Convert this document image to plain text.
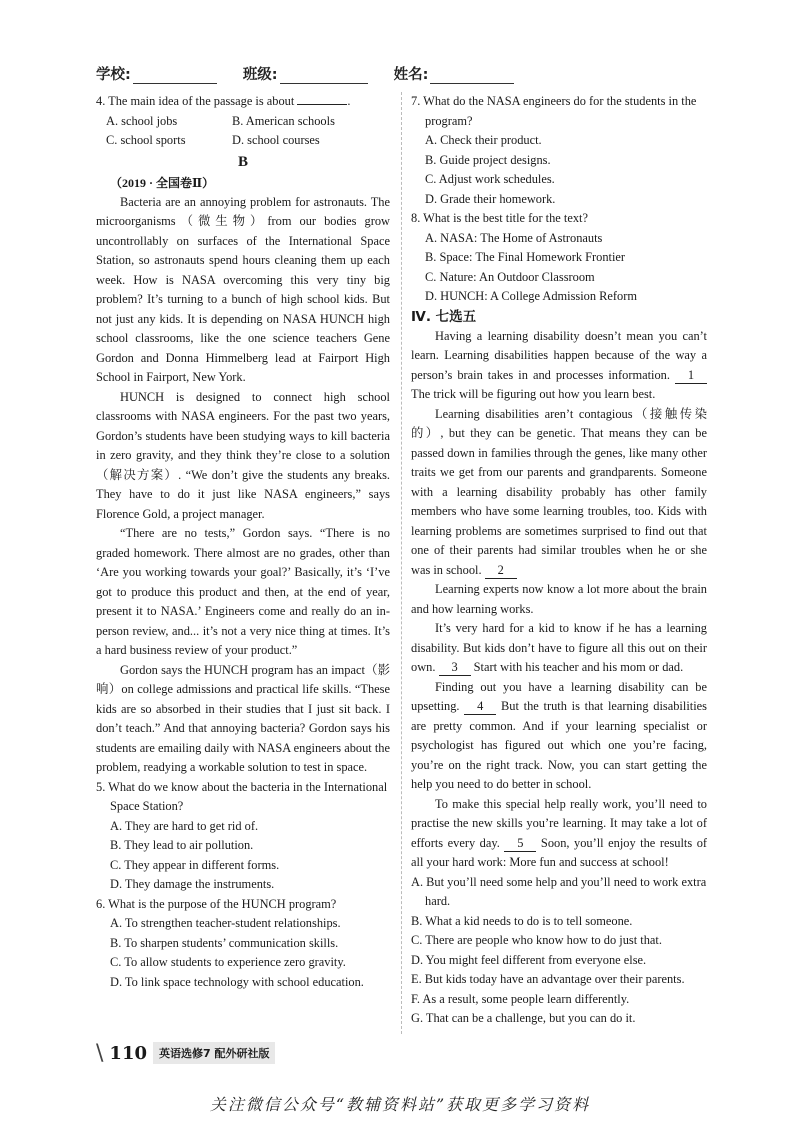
学校:	班级:	姓名:
4. The main idea of the passage is about	.
A. school jobs	B. American schools
C. school sports	D. school courses
B
（2019 · 全国卷Ⅱ）

Bacteria are an annoying problem for astronauts. The microorganisms（微生物）from our bodies grow uncontrollably on surfaces of the International Space Station, so astronauts spend hours cleaning them up each week. How is NASA overcoming this very tiny big problem? It’s turning to a bunch of high school kids. But not just any kids. It is depending on NASA HUNCH high school classrooms, like the one science teachers Gene Gordon and Donna Himmelberg lead at Fairport High School in Fairport, New York.

HUNCH is designed to connect high school classrooms with NASA engineers. For the past two years, Gordon’s students have been studying ways to kill bacteria in zero gravity, and they think they’re close to a solution（解决方案）. “We don’t give the students any breaks. They have to do it just like NASA engineers,” says Florence Gold, a project manager.

“There are no tests,” Gordon says. “There is no graded homework. There almost are no grades, other than ‘Are you working towards your goal?’ Basically, it’s ‘I’ve got to produce this product and then, at the end of year, present it to NASA.’ Engineers come and really do an in-person review, and... it’s not a very nice thing at times. It’s a hard business review of your product.”

Gordon says the HUNCH program has an impact（影响）on college admissions and practical life skills. “These kids are so absorbed in their studies that I just sit back. I don’t teach.” And that annoying bacteria? Gordon says his students are emailing daily with NASA engineers about the problem, readying a workable solution to test in space.

5. What do we know about the bacteria in the International Space Station?
A. They are hard to get rid of.
B. They lead to air pollution.
C. They appear in different forms.
D. They damage the instruments.
6. What is the purpose of the HUNCH program?
A. To strengthen teacher-student relationships.
B. To sharpen students’ communication skills.
C. To allow students to experience zero gravity.
D. To link space technology with school education.
7. What do the NASA engineers do for the students in the program?
A. Check their product.
B. Guide project designs.
C. Adjust work schedules.
D. Grade their homework.
8. What is the best title for the text?
A. NASA: The Home of Astronauts
B. Space: The Final Homework Frontier
C. Nature: An Outdoor Classroom
D. HUNCH: A College Admission Reform
Ⅳ. 七选五

Having a learning disability doesn’t mean you can’t learn. Learning disabilities happen because of the way a person’s brain takes in and processes information. 1 The trick will be figuring out how you learn best.

Learning disabilities aren’t contagious（接触传染的）, but they can be genetic. That means they can be passed down in families through the genes, like many other traits we get from our parents and grandparents. Someone with a learning disability probably has other family members who have some learning troubles, too. Kids with learning problems are sometimes surprised to find out that one of their parents had similar troubles when he or she was in school. 2

Learning experts now know a lot more about the brain and how learning works.

It’s very hard for a kid to know if he has a learning disability. But kids don’t have to figure all this out on their own. 3 Start with his teacher and his mom or dad.

Finding out you have a learning disability can be upsetting. 4 But the truth is that learning disabilities are pretty common. And if your learning specialist or psychologist has figured out which one you’re facing, you’re on the right track. Now, you can start getting the help you need to do better in school.

To make this special help really work, you’ll need to practise the new skills you’re learning. It may take a lot of efforts every day. 5 Soon, you’ll enjoy the results of all your hard work: More fun and success at school!

A. But you’ll need some help and you’ll need to work extra hard.
B. What a kid needs to do is to tell someone.
C. There are people who know how to do just that.
D. You might feel different from everyone else.
E. But kids today have an advantage over their parents.
F. As a result, some people learn differently.
G. That can be a challenge, but you can do it.
\ 110	英语选修7 配外研社版
关注微信公众号“教辅资料站”获取更多学习资料
